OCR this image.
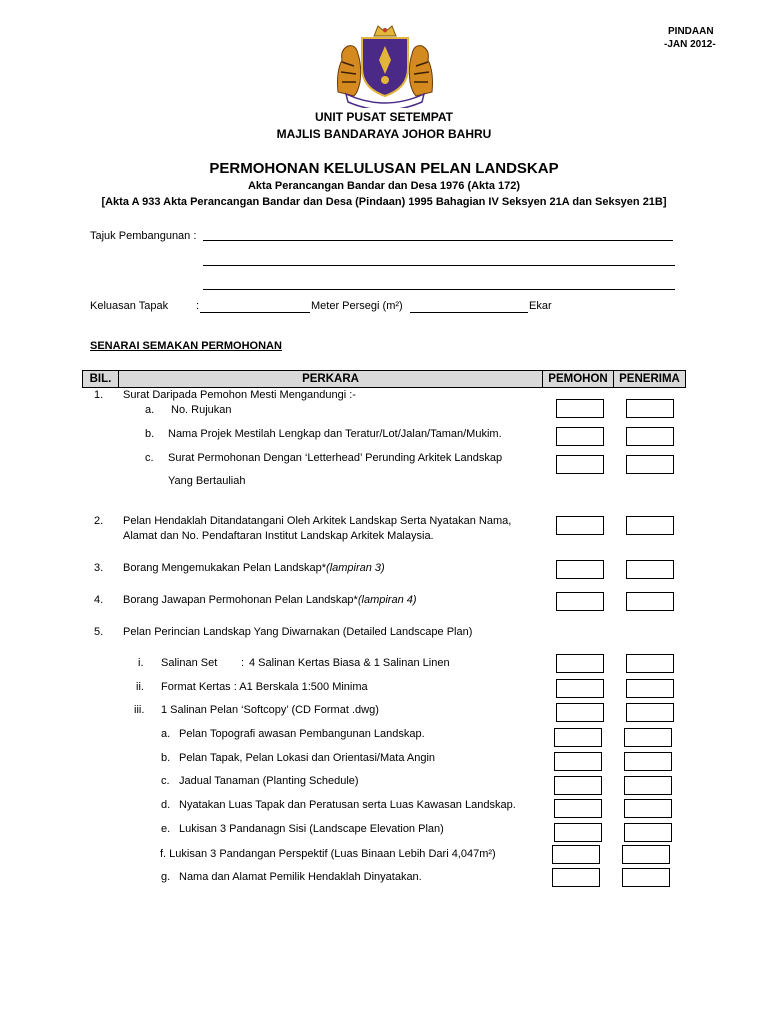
PINDAAN
-JAN 2012-
UNIT PUSAT SETEMPAT
MAJLIS BANDARAYA JOHOR BAHRU
PERMOHONAN KELULUSAN PELAN LANDSKAP
Akta Perancangan Bandar dan Desa 1976 (Akta 172)
[Akta A 933 Akta Perancangan Bandar dan Desa (Pindaan) 1995 Bahagian IV Seksyen 21A dan Seksyen 21B]
Tajuk Pembangunan :
Keluasan Tapak	:	Meter Persegi (m²)	Ekar
SENARAI SEMAKAN PERMOHONAN
BIL.	PERKARA	PEMOHON PENERIMA
1. Surat Daripada Pemohon Mesti Mengandungi :-
a. No. Rujukan
b. Nama Projek Mestilah Lengkap dan Teratur/Lot/Jalan/Taman/Mukim.
c. Surat Permohonan Dengan ‘Letterhead’ Perunding Arkitek Landskap
Yang Bertauliah
2. Pelan Hendaklah Ditandatangani Oleh Arkitek Landskap Serta Nyatakan Nama,
Alamat dan No. Pendaftaran Institut Landskap Arkitek Malaysia.
3. Borang Mengemukakan Pelan Landskap*(lampiran 3)
4. Borang Jawapan Permohonan Pelan Landskap*(lampiran 4)
5. Pelan Perincian Landskap Yang Diwarnakan (Detailed Landscape Plan)
i. Salinan Set : 4 Salinan Kertas Biasa & 1 Salinan Linen
ii. Format Kertas : A1 Berskala 1:500 Minima
iii. 1 Salinan Pelan ‘Softcopy’ (CD Format .dwg)
a. Pelan Topografi awasan Pembangunan Landskap.
b. Pelan Tapak, Pelan Lokasi dan Orientasi/Mata Angin
c. Jadual Tanaman (Planting Schedule)
d. Nyatakan Luas Tapak dan Peratusan serta Luas Kawasan Landskap.
e. Lukisan 3 Pandanagn Sisi (Landscape Elevation Plan)
f. Lukisan 3 Pandangan Perspektif (Luas Binaan Lebih Dari 4,047m²)
g. Nama dan Alamat Pemilik Hendaklah Dinyatakan.
